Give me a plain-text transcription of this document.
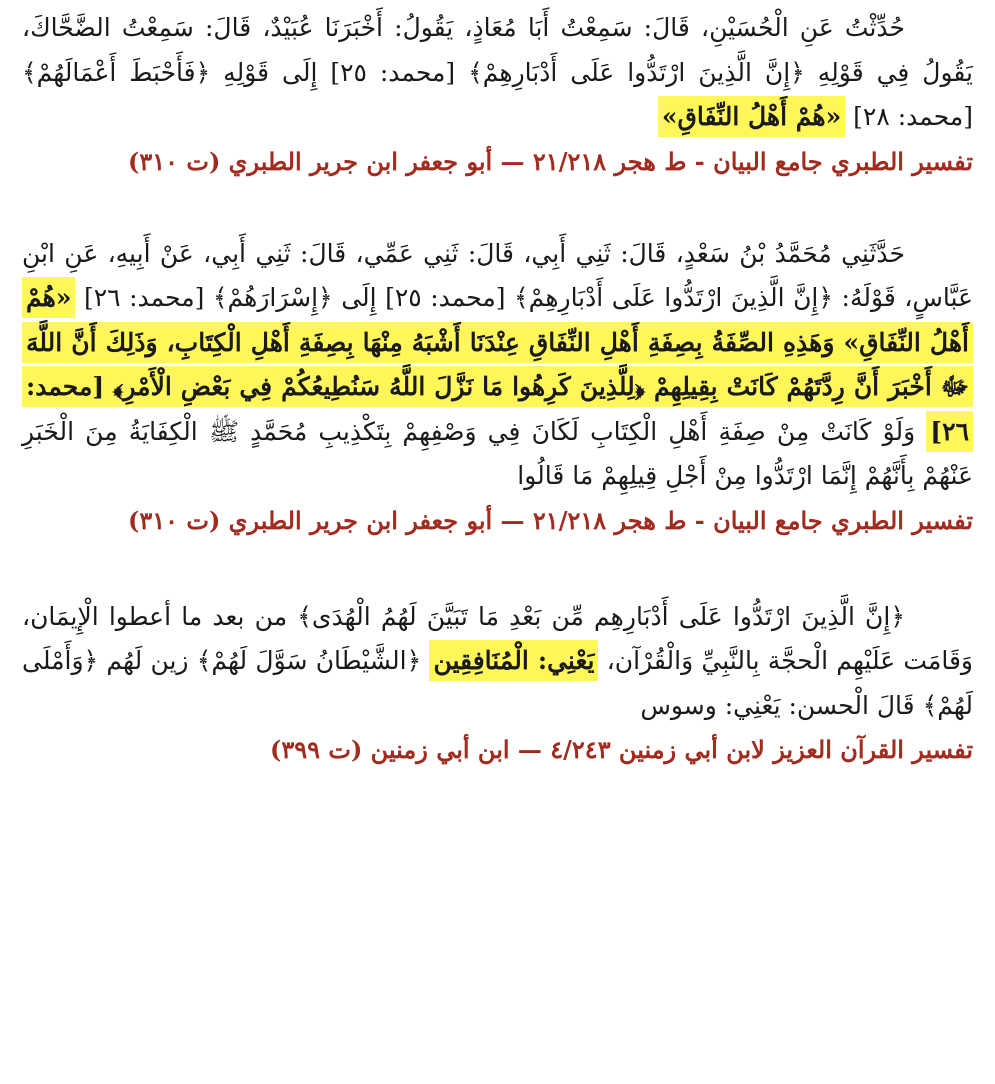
حُدِّثْتُ عَنِ الْحُسَيْنِ، قَالَ: سَمِعْتُ أَبَا مُعَاذٍ، يَقُولُ: أَخْبَرَنَا عُبَيْدٌ، قَالَ: سَمِعْتُ الضَّحَّاكَ، يَقُولُ فِي قَوْلِهِ ﴿إِنَّ الَّذِينَ ارْتَدُّوا عَلَى أَدْبَارِهِمْ﴾ [محمد: ٢٥] إِلَى قَوْلِهِ ﴿فَأَحْبَطَ أَعْمَالَهُمْ﴾ [محمد: ٢٨] «هُمْ أَهْلُ النِّفَاقِ»

تفسير الطبري جامع البيان - ط هجر ٢١/٢١٨ — أبو جعفر ابن جرير الطبري (ت ٣١٠)

حَدَّثَنِي مُحَمَّدُ بْنُ سَعْدٍ، قَالَ: ثَنِي أَبِي، قَالَ: ثَنِي عَمِّي، قَالَ: ثَنِي أَبِي، عَنْ أَبِيهِ، عَنِ ابْنِ عَبَّاسٍ، قَوْلَهُ: ﴿إِنَّ الَّذِينَ ارْتَدُّوا عَلَى أَدْبَارِهِمْ﴾ [محمد: ٢٥] إِلَى ﴿إِسْرَارَهُمْ﴾ [محمد: ٢٦] «هُمْ أَهْلُ النِّفَاقِ» وَهَذِهِ الصِّفَةُ بِصِفَةِ أَهْلِ النِّفَاقِ عِنْدَنَا أَشْبَهُ مِنْهَا بِصِفَةِ أَهْلِ الْكِتَابِ، وَذَلِكَ أَنَّ اللَّهَ ﷻ أَخْبَرَ أَنَّ رِدَّتَهُمْ كَانَتْ بِقِيلِهِمْ ﴿لِلَّذِينَ كَرِهُوا مَا نَزَّلَ اللَّهُ سَنُطِيعُكُمْ فِي بَعْضِ الْأَمْرِ﴾ [محمد: ٢٦] وَلَوْ كَانَتْ مِنْ صِفَةِ أَهْلِ الْكِتَابِ لَكَانَ فِي وَصْفِهِمْ بِتَكْذِيبِ مُحَمَّدٍ ﷺ الْكِفَايَةُ مِنَ الْخَبَرِ عَنْهُمْ بِأَنَّهُمْ إِنَّمَا ارْتَدُّوا مِنْ أَجْلِ قِيلِهِمْ مَا قَالُوا

تفسير الطبري جامع البيان - ط هجر ٢١/٢١٨ — أبو جعفر ابن جرير الطبري (ت ٣١٠)

﴿إِنَّ الَّذِينَ ارْتَدُّوا عَلَى أَدْبَارِهِم مِّن بَعْدِ مَا تَبَيَّنَ لَهُمُ الْهُدَى﴾ من بعد ما أعطوا الْإِيمَان، وَقَامَت عَلَيْهِم الْحجَّة بِالنَّبِيِّ وَالْقُرْآن، يَعْنِي: الْمُنَافِقِين ﴿الشَّيْطَانُ سَوَّلَ لَهُمْ﴾ زين لَهُم ﴿وَأَمْلَى لَهُمْ﴾ قَالَ الْحسن: يَعْنِي: وسوس

تفسير القرآن العزيز لابن أبي زمنين ٤/٢٤٣ — ابن أبي زمنين (ت ٣٩٩)
